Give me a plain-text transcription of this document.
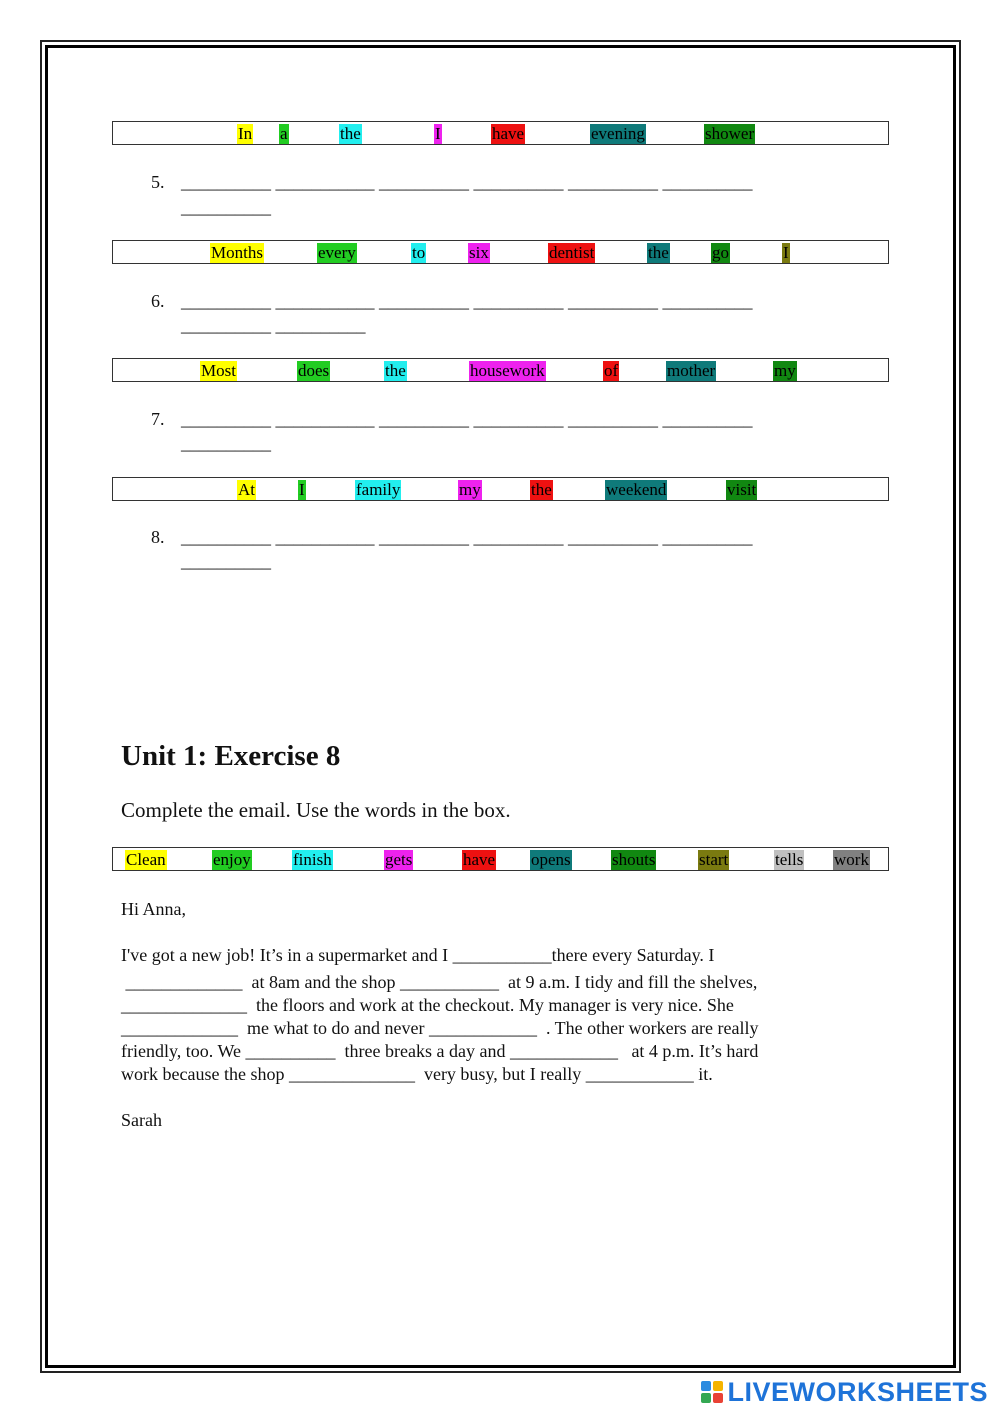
In a	the	I	have	evening	shower
5. __________ ___________ __________ __________ __________ __________
__________
Months	every	to	six	dentist	the	go	I
6. __________ ___________ __________ __________ __________ __________
__________ __________
Most	does	the	housework	of	mother	my
7. __________ ___________ __________ __________ __________ __________
__________
At	I	family	my	the	weekend	visit
8. __________ ___________ __________ __________ __________ __________
__________
Unit 1: Exercise 8
Complete the email. Use the words in the box.
Clean	enjoy finish	gets	have opens shouts	start	tells work
Hi Anna,
I've got a new job! It’s in a supermarket and I ___________there every Saturday. I
_____________  at 8am and the shop ___________  at 9 a.m. I tidy and fill the shelves,
______________  the floors and work at the checkout. My manager is very nice. She
_____________  me what to do and never ____________  . The other workers are really
friendly, too. We __________  three breaks a day and ____________   at 4 p.m. It’s hard
work because the shop ______________  very busy, but I really ____________ it.
Sarah
LIVEWORKSHEETS
